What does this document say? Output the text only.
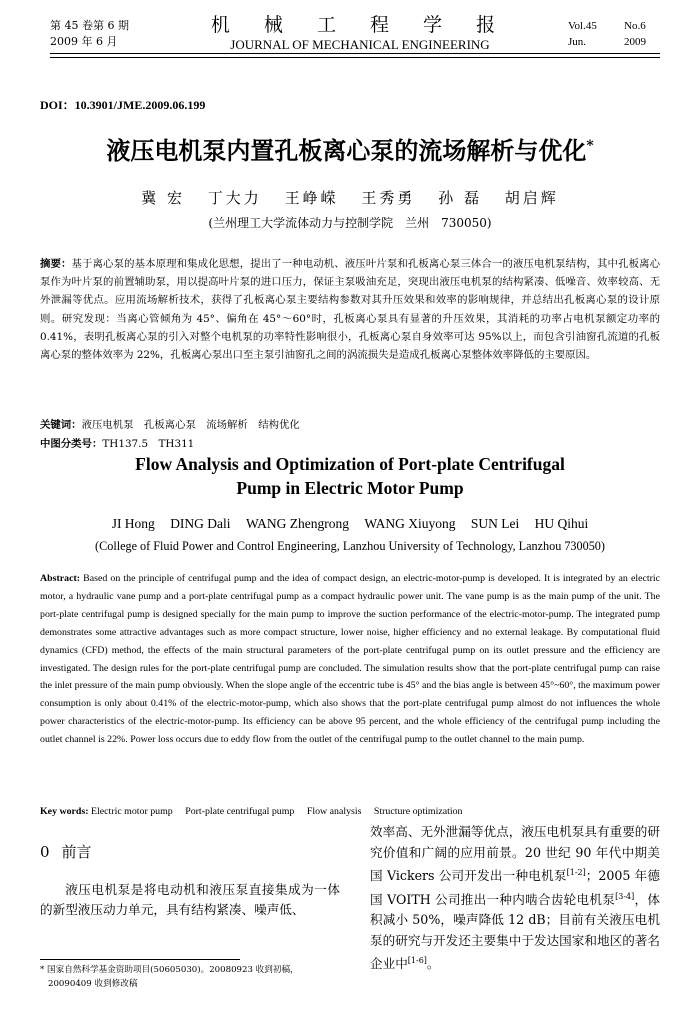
第 45 卷第 6 期
2009 年 6 月
机 械 工 程 学 报
JOURNAL OF MECHANICAL ENGINEERING
Vol.45 No.6
Jun.	2009
DOI：10.3901/JME.2009.06.199
液压电机泵内置孔板离心泵的流场解析与优化*
冀 宏 丁大力 王峥嵘 王秀勇 孙 磊 胡启辉
(兰州理工大学流体动力与控制学院　兰州　730050)
摘要：基于离心泵的基本原理和集成化思想，提出了一种电动机、液压叶片泵和孔板离心泵三体合一的液压电机泵结构，其中孔板离心泵作为叶片泵的前置辅助泵，用以提高叶片泵的进口压力，保证主泵吸油充足，突现出液压电机泵的结构紧凑、低噪音、效率较高、无外泄漏等优点。应用流场解析技术，获得了孔板离心泵主要结构参数对其升压效果和效率的影响规律，并总结出孔板离心泵的设计原则。研究发现：当离心管倾角为 45°、偏角在 45°～60°时，孔板离心泵具有显著的升压效果，其消耗的功率占电机泵额定功率的 0.41%，表明孔板离心泵的引入对整个电机泵的功率特性影响很小，孔板离心泵自身效率可达 95%以上，而包含引油窗孔流道的孔板离心泵的整体效率为 22%，孔板离心泵出口至主泵引油窗孔之间的涡流损失是造成孔板离心泵整体效率降低的主要原因。
关键词：液压电机泵　孔板离心泵　流场解析　结构优化
中图分类号：TH137.5　TH311
Flow Analysis and Optimization of Port-plate Centrifugal
Pump in Electric Motor Pump
JI Hong DING Dali WANG Zhengrong WANG Xiuyong SUN Lei HU Qihui
(College of Fluid Power and Control Engineering, Lanzhou University of Technology, Lanzhou 730050)
Abstract: Based on the principle of centrifugal pump and the idea of compact design, an electric-motor-pump is developed. It is integrated by an electric motor, a hydraulic vane pump and a port-plate centrifugal pump as a compact hydraulic power unit. The vane pump is as the main pump of the unit. The port-plate centrifugal pump is designed specially for the main pump to improve the suction performance of the electric-motor-pump. The integrated pump demonstrates some attractive advantages such as more compact structure, lower noise, higher efficiency and no external leakage. By computational fluid dynamics (CFD) method, the effects of the main structural parameters of the port-plate centrifugal pump on its outlet pressure and the efficiency are investigated. The design rules for the port-plate centrifugal pump are concluded. The simulation results show that the port-plate centrifugal pump can raise the inlet pressure of the main pump obviously. When the slope angle of the eccentric tube is 45° and the bias angle is between 45°~60°, the maximum power consumption is only about 0.41% of the electric-motor-pump, which also shows that the port-plate centrifugal pump almost do not influences the whole power characteristics of the electric-motor-pump. Its efficiency can be above 95 percent, and the whole efficiency of the centrifugal pump including the outlet channel is 22%. Power loss occurs due to eddy flow from the outlet of the centrifugal pump to the outlet channel to the main pump.
Key words: Electric motor pump Port-plate centrifugal pump Flow analysis Structure optimization
0 前言
液压电机泵是将电动机和液压泵直接集成为一体的新型液压动力单元，具有结构紧凑、噪声低、
效率高、无外泄漏等优点，液压电机泵具有重要的研究价值和广阔的应用前景。20 世纪 90 年代中期美国 Vickers 公司开发出一种电机泵[1-2]；2005 年德国 VOITH 公司推出一种内啮合齿轮电机泵[3-4]，体积减小 50%，噪声降低 12 dB；目前有关液压电机泵的研究与开发还主要集中于发达国家和地区的著名企业中[1-6]。
* 国家自然科学基金资助项目(50605030)。20080923 收到初稿，
20090409 收到修改稿
